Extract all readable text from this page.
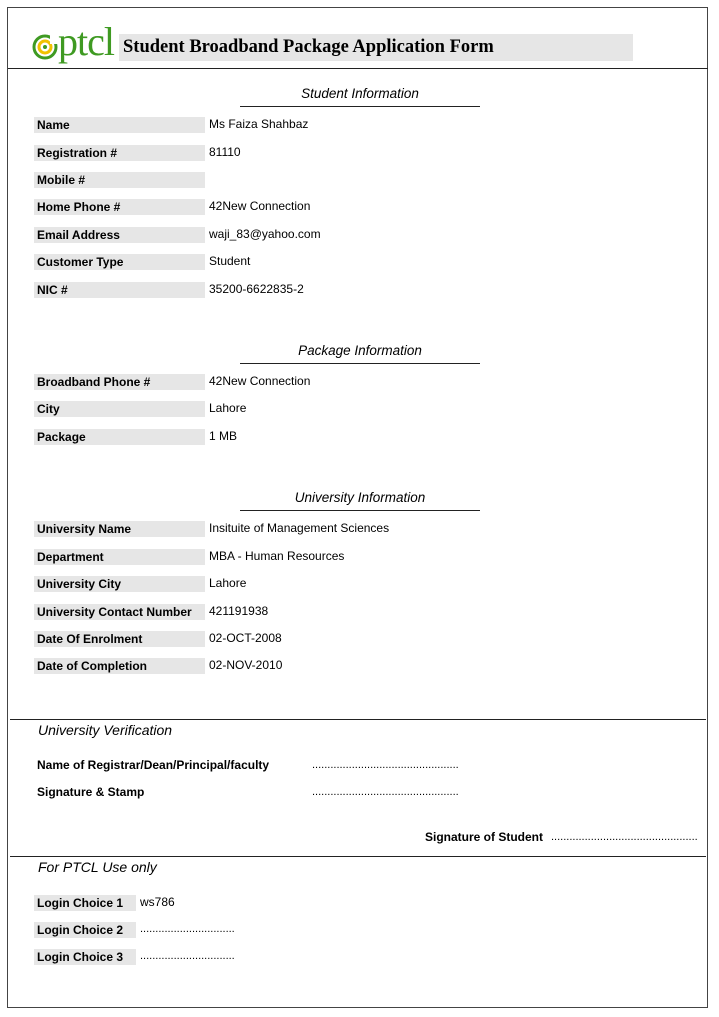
ptcl Student Broadband Package Application Form
Student Information
Name	Ms Faiza Shahbaz
Registration #	81110
Mobile #
Home Phone #	42New Connection
Email Address	waji_83@yahoo.com
Customer Type	Student
NIC #	35200-6622835-2
Package Information
Broadband Phone #	42New Connection
City	Lahore
Package	1 MB
University Information
University Name	Insituite of Management Sciences
Department	MBA - Human Resources
University City	Lahore
University Contact Number	421191938
Date Of Enrolment	02-OCT-2008
Date of Completion	02-NOV-2010
University Verification
Name of Registrar/Dean/Principal/faculty	................................................
Signature & Stamp	................................................
Signature of Student ................................................
For PTCL Use only
Login Choice 1	ws786
Login Choice 2	...............................
Login Choice 3	...............................
